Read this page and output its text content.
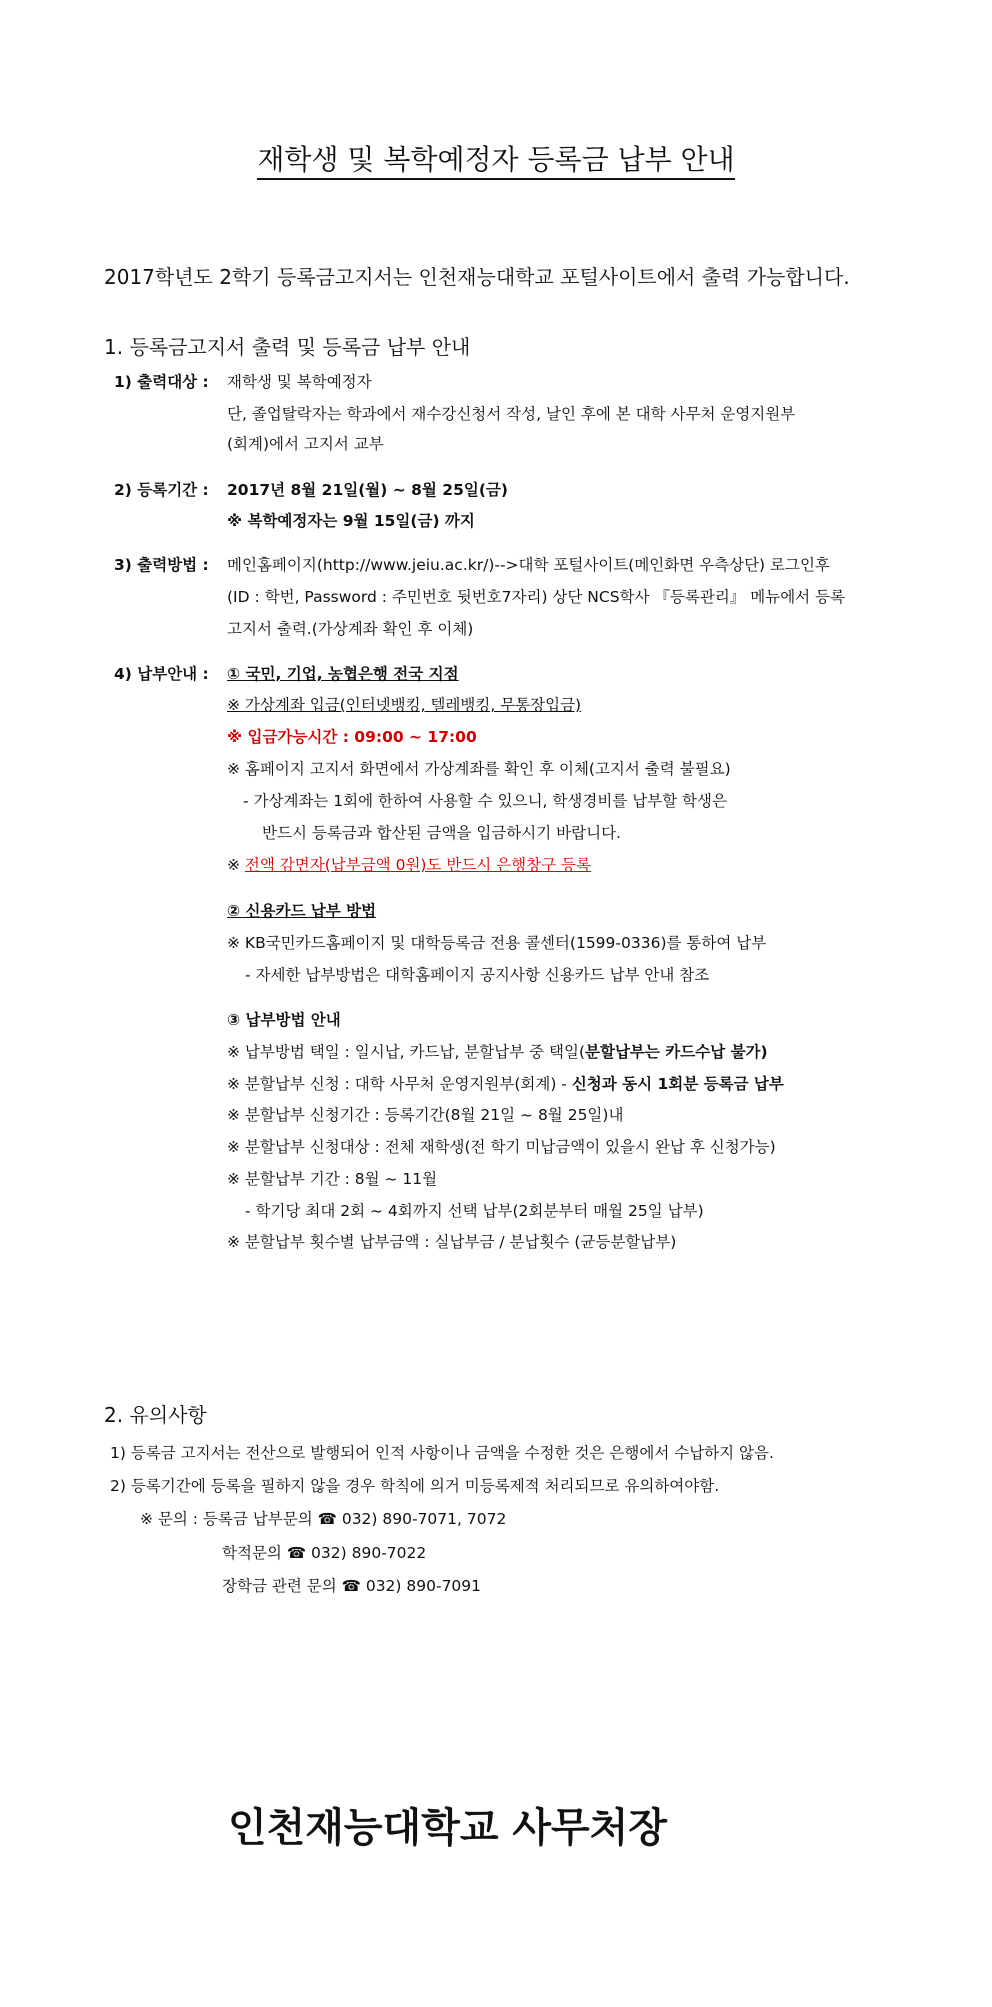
재학생 및 복학예정자 등록금 납부 안내
2017학년도 2학기 등록금고지서는 인천재능대학교 포털사이트에서 출력 가능합니다.
1. 등록금고지서 출력 및 등록금 납부 안내
1) 출력대상 : 재학생 및 복학예정자
단, 졸업탈락자는 학과에서 재수강신청서 작성, 날인 후에 본 대학 사무처 운영지원부
(회계)에서 고지서 교부
2) 등록기간 : 2017년 8월 21일(월) ~ 8월 25일(금)
※ 복학예정자는 9월 15일(금) 까지
3) 출력방법 : 메인홈페이지(http://www.jeiu.ac.kr/)-->대학 포털사이트(메인화면 우측상단) 로그인후
(ID : 학번, Password : 주민번호 뒷번호7자리) 상단 NCS학사 『등록관리』 메뉴에서 등록
고지서 출력.(가상계좌 확인 후 이체)
4) 납부안내 : ① 국민, 기업, 농협은행 전국 지점
※ 가상계좌 입금(인터넷뱅킹, 텔레뱅킹, 무통장입금)
※ 입금가능시간 : 09:00 ~ 17:00
※ 홈페이지 고지서 화면에서 가상계좌를 확인 후 이체(고지서 출력 불필요)
- 가상계좌는 1회에 한하여 사용할 수 있으니, 학생경비를 납부할 학생은
반드시 등록금과 합산된 금액을 입금하시기 바랍니다.
※ 전액 감면자(납부금액 0원)도 반드시 은행창구 등록
② 신용카드 납부 방법
※ KB국민카드홈페이지 및 대학등록금 전용 콜센터(1599-0336)를 통하여 납부
- 자세한 납부방법은 대학홈페이지 공지사항 신용카드 납부 안내 참조
③ 납부방법 안내
※ 납부방법 택일 : 일시납, 카드납, 분할납부 중 택일(분할납부는 카드수납 불가)
※ 분할납부 신청 : 대학 사무처 운영지원부(회계) - 신청과 동시 1회분 등록금 납부
※ 분할납부 신청기간 : 등록기간(8월 21일 ~ 8월 25일)내
※ 분할납부 신청대상 : 전체 재학생(전 학기 미납금액이 있을시 완납 후 신청가능)
※ 분할납부 기간 : 8월 ~ 11월
- 학기당 최대 2회 ~ 4회까지 선택 납부(2회분부터 매월 25일 납부)
※ 분할납부 횟수별 납부금액 : 실납부금 / 분납횟수 (균등분할납부)
2. 유의사항
1) 등록금 고지서는 전산으로 발행되어 인적 사항이나 금액을 수정한 것은 은행에서 수납하지 않음.
2) 등록기간에 등록을 필하지 않을 경우 학칙에 의거 미등록제적 처리되므로 유의하여야함.
※ 문의 : 등록금 납부문의 ☎ 032) 890-7071, 7072
학적문의 ☎ 032) 890-7022
장학금 관련 문의 ☎ 032) 890-7091
인천재능대학교 사무처장
